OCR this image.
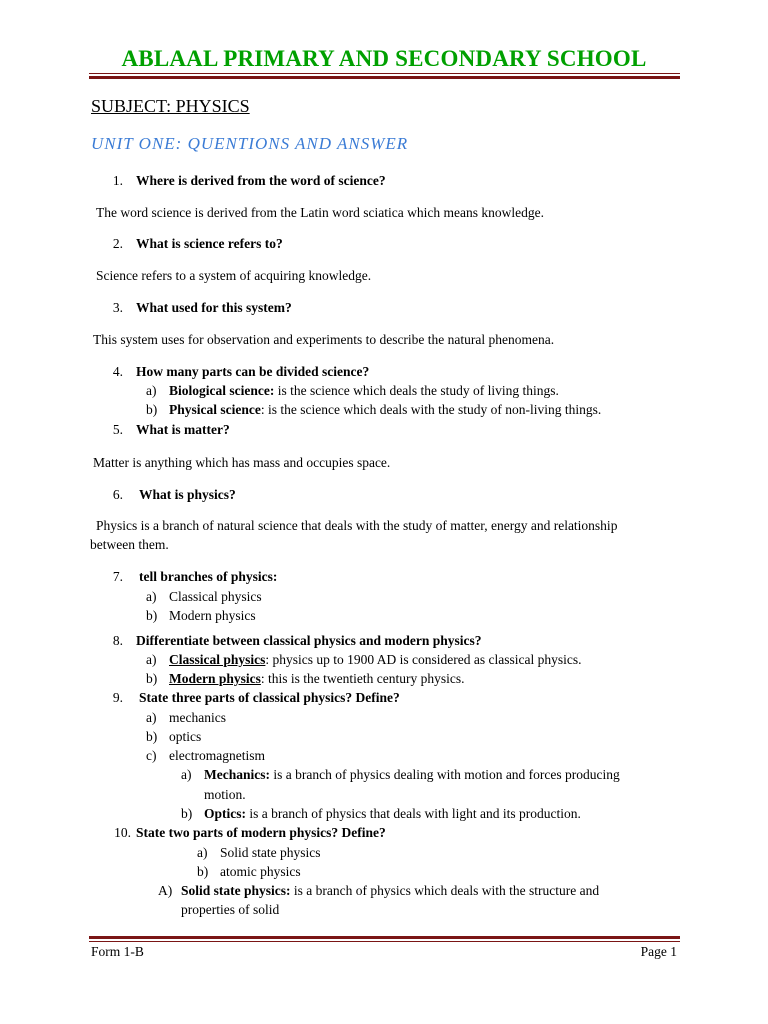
ABLAAL PRIMARY AND SECONDARY SCHOOL
SUBJECT: PHYSICS
UNIT ONE: QUENTIONS AND ANSWER
1. Where is derived from the word of science?
The word science is derived from the Latin word sciatica which means knowledge.
2. What is science refers to?
Science refers to a system of acquiring knowledge.
3. What used for this system?
This system uses for observation and experiments to describe the natural phenomena.
4. How many parts can be divided science?
a) Biological science: is the science which deals the study of living things.
b) Physical science: is the science which deals with the study of non-living things.
5. What is matter?
Matter is anything which has mass and occupies space.
6. What is physics?
Physics is a branch of natural science that deals with the study of matter, energy and relationship
between them.
7. tell branches of physics:
a) Classical physics
b) Modern physics
8. Differentiate between classical physics and modern physics?
a) Classical physics: physics up to 1900 AD is considered as classical physics.
b) Modern physics: this is the twentieth century physics.
9. State three parts of classical physics? Define?
a) mechanics
b) optics
c) electromagnetism
a) Mechanics: is a branch of physics dealing with motion and forces producing
motion.
b) Optics: is a branch of physics that deals with light and its production.
10. State two parts of modern physics? Define?
a) Solid state physics
b) atomic physics
A) Solid state physics: is a branch of physics which deals with the structure and
properties of solid
Form 1-B	Page 1
